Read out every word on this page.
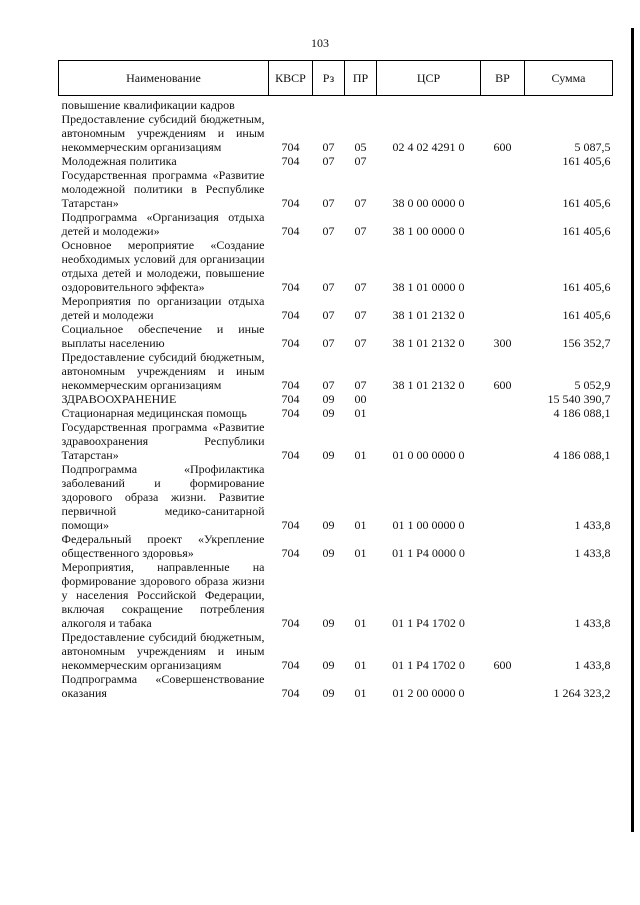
103
Наименование	КВСР	Рз	ПР	ЦСР	ВР	Сумма

повышение квалификации кадров						
Предоставление субсидий бюджетным, автономным учреждениям и иным некоммерческим организациям	704	07	05	02 4 02 4291 0	600	5 087,5
Молодежная политика	704	07	07			161 405,6
Государственная программа «Развитие молодежной политики в Республике Татарстан»	704	07	07	38 0 00 0000 0		161 405,6
Подпрограмма «Организация отдыха детей и молодежи»	704	07	07	38 1 00 0000 0		161 405,6
Основное мероприятие «Создание необходимых условий для организации отдыха детей и молодежи, повышение оздоровительного эффекта»	704	07	07	38 1 01 0000 0		161 405,6
Мероприятия по организации отдыха детей и молодежи	704	07	07	38 1 01 2132 0		161 405,6
Социальное обеспечение и иные выплаты населению	704	07	07	38 1 01 2132 0	300	156 352,7
Предоставление субсидий бюджетным, автономным учреждениям и иным некоммерческим организациям	704	07	07	38 1 01 2132 0	600	5 052,9
ЗДРАВООХРАНЕНИЕ	704	09	00			15 540 390,7
Стационарная медицинская помощь	704	09	01			4 186 088,1
Государственная программа «Развитие здравоохранения Республики Татарстан»	704	09	01	01 0 00 0000 0		4 186 088,1
Подпрограмма «Профилактика заболеваний и формирование здорового образа жизни. Развитие первичной медико-санитарной помощи»	704	09	01	01 1 00 0000 0		1 433,8
Федеральный проект «Укрепление общественного здоровья»	704	09	01	01 1 P4 0000 0		1 433,8
Мероприятия, направленные на формирование здорового образа жизни у населения Российской Федерации, включая сокращение потребления алкоголя и табака	704	09	01	01 1 P4 1702 0		1 433,8
Предоставление субсидий бюджетным, автономным учреждениям и иным некоммерческим организациям	704	09	01	01 1 P4 1702 0	600	1 433,8
Подпрограмма «Совершенствование оказания	704	09	01	01 2 00 0000 0		1 264 323,2
